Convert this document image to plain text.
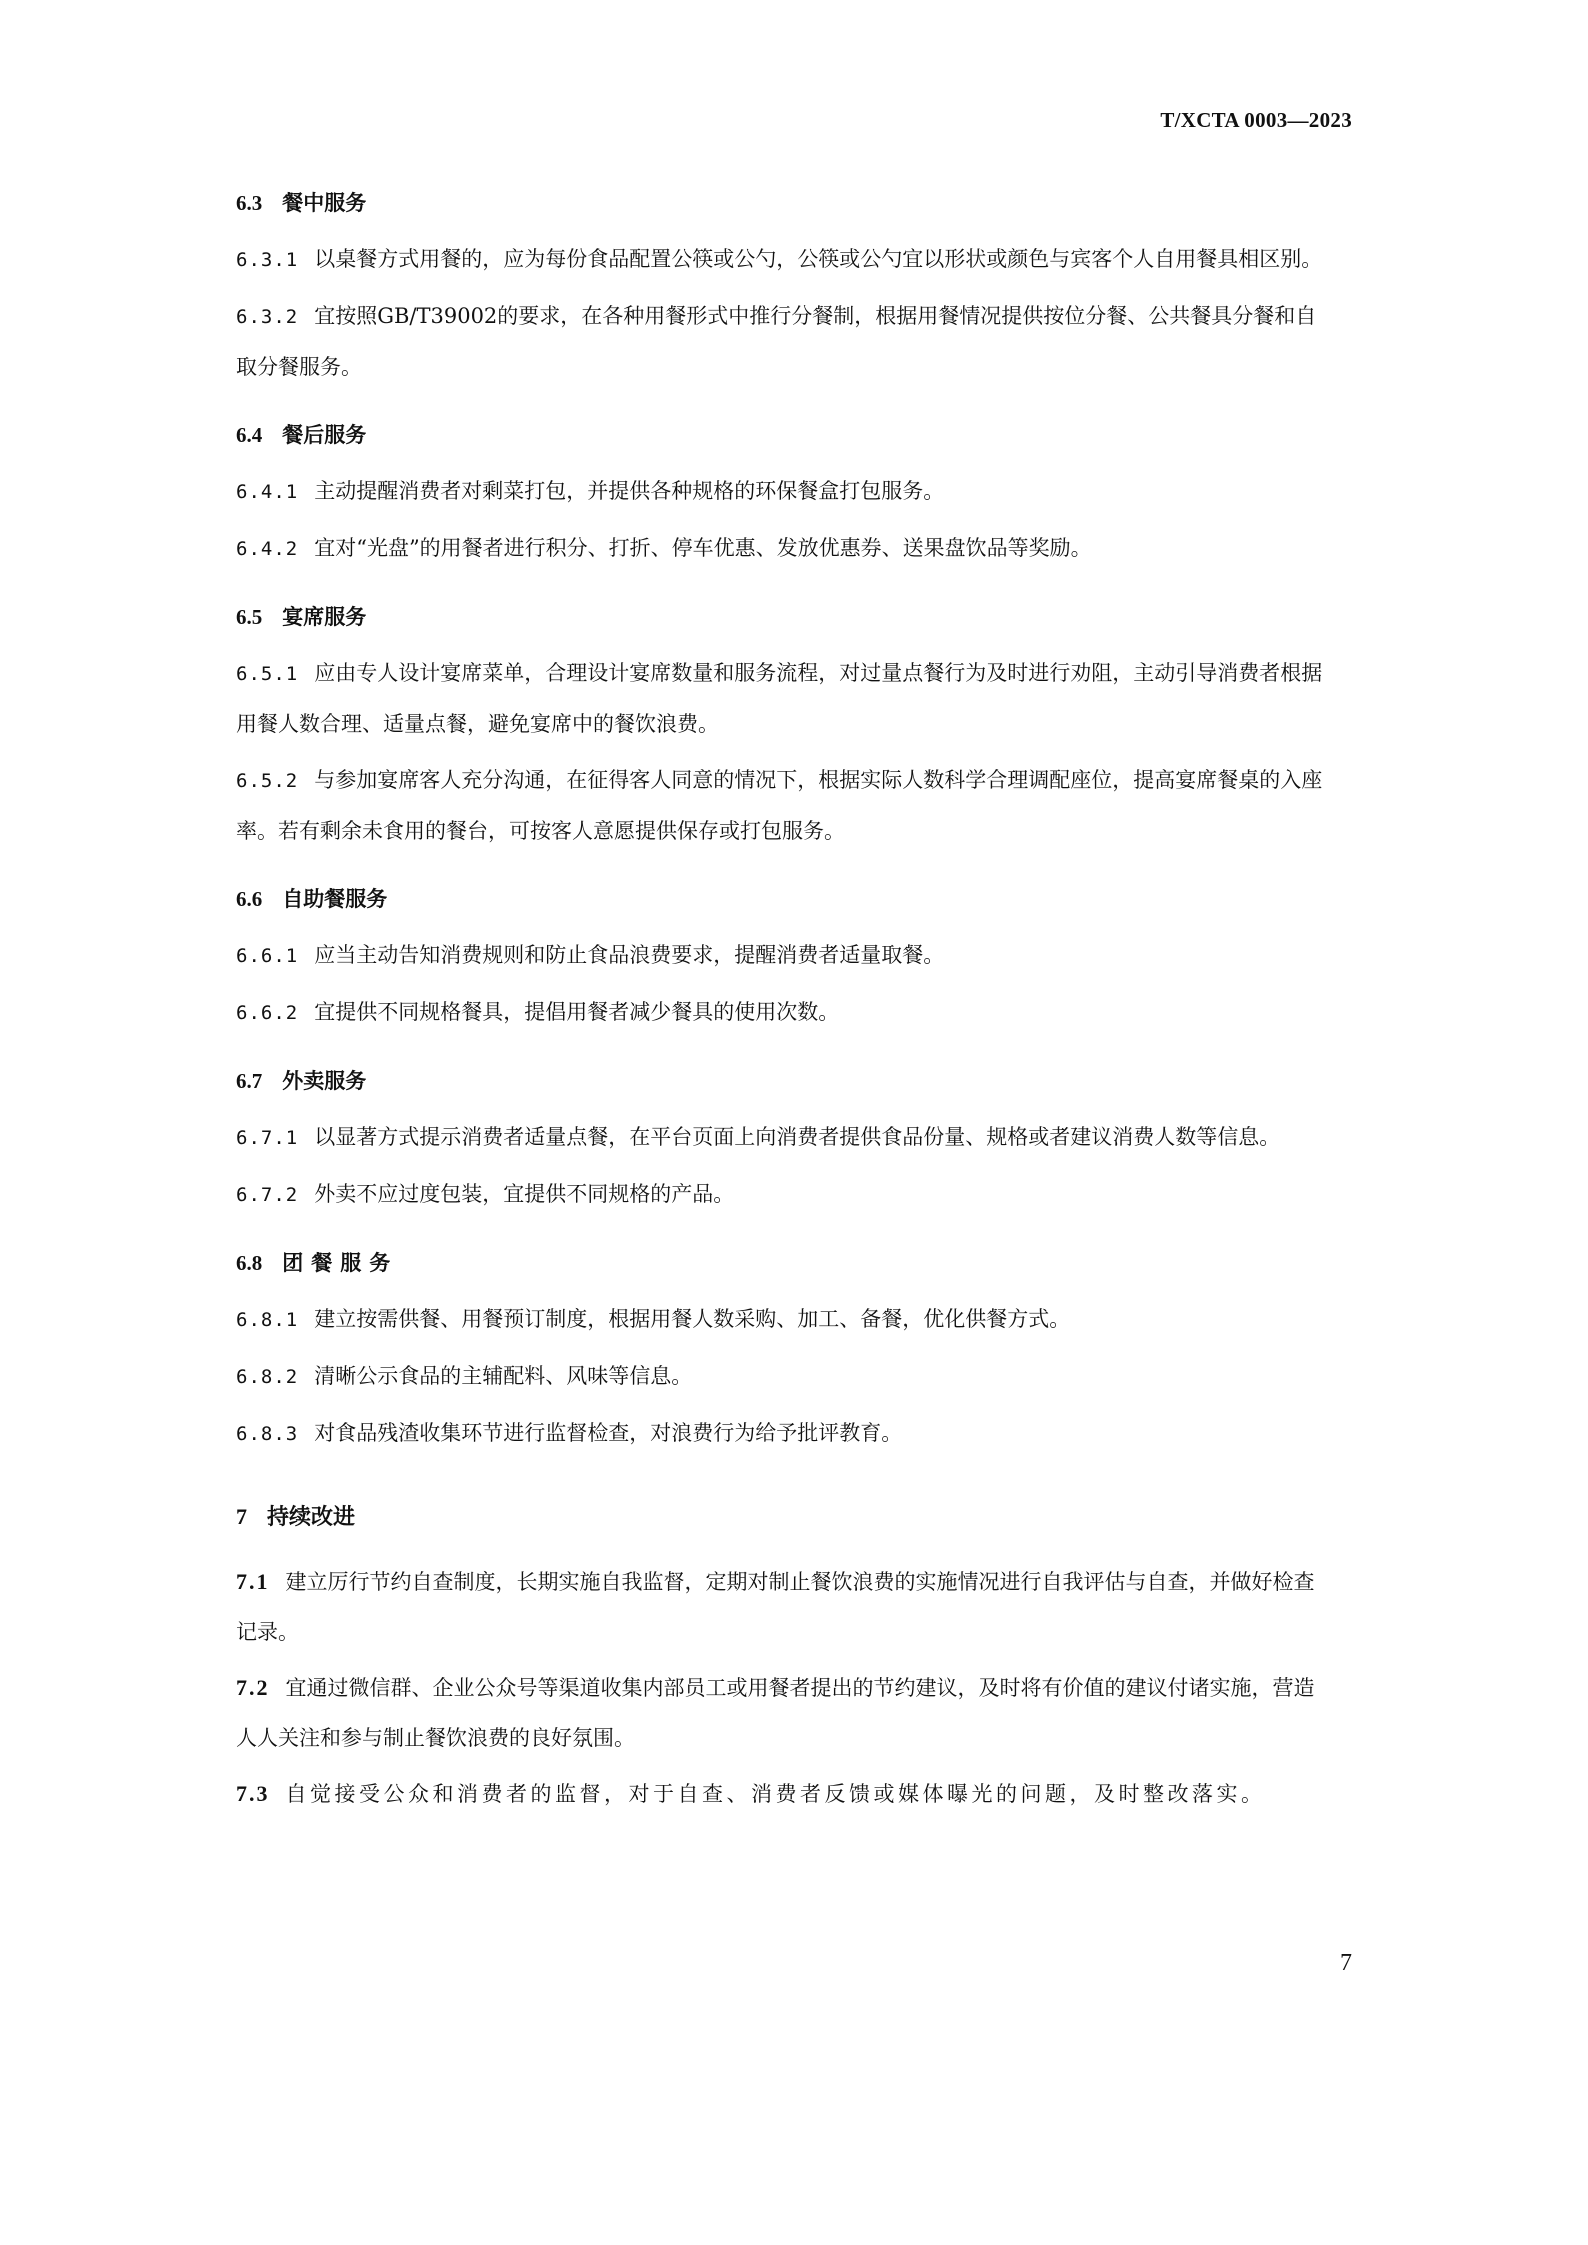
T/XCTA 0003—2023
6.3 餐中服务
6.3.1 以桌餐方式用餐的，应为每份食品配置公筷或公勺，公筷或公勺宜以形状或颜色与宾客个人自用餐具相区别。
6.3.2 宜按照GB/T39002的要求，在各种用餐形式中推行分餐制，根据用餐情况提供按位分餐、公共餐具分餐和自取分餐服务。
6.4 餐后服务
6.4.1 主动提醒消费者对剩菜打包，并提供各种规格的环保餐盒打包服务。
6.4.2 宜对“光盘”的用餐者进行积分、打折、停车优惠、发放优惠券、送果盘饮品等奖励。
6.5 宴席服务
6.5.1 应由专人设计宴席菜单，合理设计宴席数量和服务流程，对过量点餐行为及时进行劝阻，主动引导消费者根据用餐人数合理、适量点餐，避免宴席中的餐饮浪费。
6.5.2 与参加宴席客人充分沟通，在征得客人同意的情况下，根据实际人数科学合理调配座位，提高宴席餐桌的入座率。若有剩余未食用的餐台，可按客人意愿提供保存或打包服务。
6.6 自助餐服务
6.6.1 应当主动告知消费规则和防止食品浪费要求，提醒消费者适量取餐。
6.6.2 宜提供不同规格餐具，提倡用餐者减少餐具的使用次数。
6.7 外卖服务
6.7.1 以显著方式提示消费者适量点餐，在平台页面上向消费者提供食品份量、规格或者建议消费人数等信息。
6.7.2 外卖不应过度包装，宜提供不同规格的产品。
6.8 团餐服务
6.8.1 建立按需供餐、用餐预订制度，根据用餐人数采购、加工、备餐，优化供餐方式。
6.8.2 清晰公示食品的主辅配料、风味等信息。
6.8.3 对食品残渣收集环节进行监督检查，对浪费行为给予批评教育。
7 持续改进
7.1 建立厉行节约自查制度，长期实施自我监督，定期对制止餐饮浪费的实施情况进行自我评估与自查，并做好检查记录。
7.2 宜通过微信群、企业公众号等渠道收集内部员工或用餐者提出的节约建议，及时将有价值的建议付诸实施，营造人人关注和参与制止餐饮浪费的良好氛围。
7.3 自觉接受公众和消费者的监督，对于自查、消费者反馈或媒体曝光的问题，及时整改落实。
7
